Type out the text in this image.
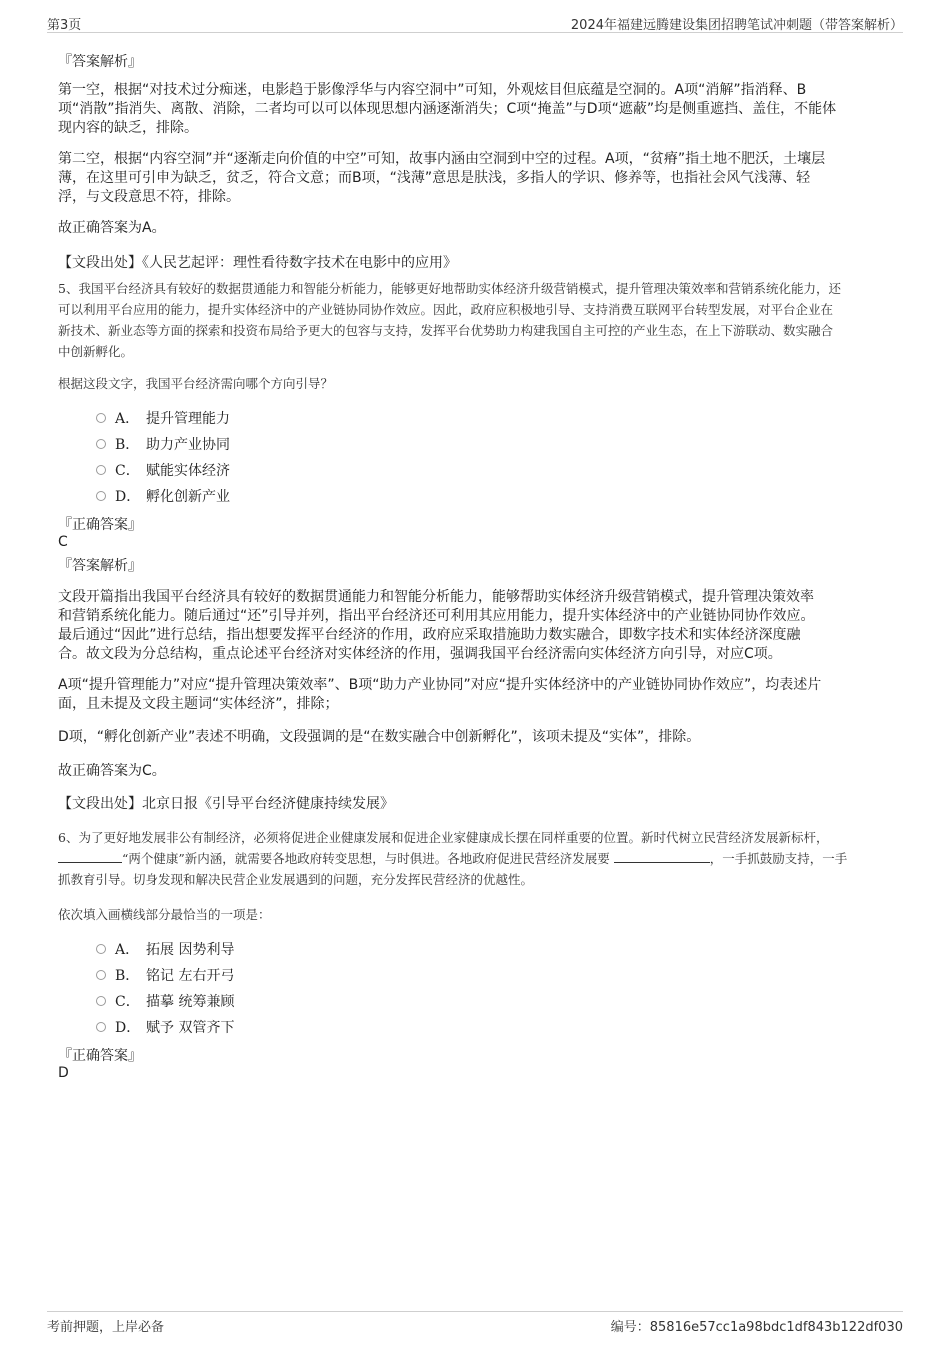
第3页	2024年福建远腾建设集团招聘笔试冲刺题（带答案解析）
『答案解析』
第一空，根据“对技术过分痴迷，电影趋于影像浮华与内容空洞中”可知，外观炫目但底蕴是空洞的。A项“消解”指消释、B
项“消散”指消失、离散、消除，二者均可以可以体现思想内涵逐渐消失；C项“掩盖”与D项“遮蔽”均是侧重遮挡、盖住，不能体
现内容的缺乏，排除。
第二空，根据“内容空洞”并“逐渐走向价值的中空”可知，故事内涵由空洞到中空的过程。A项，“贫瘠”指土地不肥沃，土壤层
薄，在这里可引申为缺乏，贫乏，符合文意；而B项，“浅薄”意思是肤浅，多指人的学识、修养等，也指社会风气浅薄、轻
浮，与文段意思不符，排除。
故正确答案为A。
【文段出处】《人民艺起评：理性看待数字技术在电影中的应用》
5、我国平台经济具有较好的数据贯通能力和智能分析能力，能够更好地帮助实体经济升级营销模式，提升管理决策效率和营销系统化能力，还
可以利用平台应用的能力，提升实体经济中的产业链协同协作效应。因此，政府应积极地引导、支持消费互联网平台转型发展，对平台企业在
新技术、新业态等方面的探索和投资布局给予更大的包容与支持，发挥平台优势助力构建我国自主可控的产业生态，在上下游联动、数实融合
中创新孵化。
根据这段文字，我国平台经济需向哪个方向引导？
A． 提升管理能力
B． 助力产业协同
C． 赋能实体经济
D． 孵化创新产业
『正确答案』
C
『答案解析』
文段开篇指出我国平台经济具有较好的数据贯通能力和智能分析能力，能够帮助实体经济升级营销模式，提升管理决策效率
和营销系统化能力。随后通过“还”引导并列，指出平台经济还可利用其应用能力，提升实体经济中的产业链协同协作效应。
最后通过“因此”进行总结，指出想要发挥平台经济的作用，政府应采取措施助力数实融合，即数字技术和实体经济深度融
合。故文段为分总结构，重点论述平台经济对实体经济的作用，强调我国平台经济需向实体经济方向引导，对应C项。
A项“提升管理能力”对应“提升管理决策效率”、B项“助力产业协同”对应“提升实体经济中的产业链协同协作效应”，均表述片
面，且未提及文段主题词“实体经济”，排除；
D项，“孵化创新产业”表述不明确，文段强调的是“在数实融合中创新孵化”，该项未提及“实体”，排除。
故正确答案为C。
【文段出处】北京日报《引导平台经济健康持续发展》
6、为了更好地发展非公有制经济，必须将促进企业健康发展和促进企业家健康成长摆在同样重要的位置。新时代树立民营经济发展新标杆，
“两个健康”新内涵，就需要各地政府转变思想，与时俱进。各地政府促进民营经济发展要	，一手抓鼓励支持，一手
抓教育引导。切身发现和解决民营企业发展遇到的问题，充分发挥民营经济的优越性。
依次填入画横线部分最恰当的一项是：
A． 拓展 因势利导
B． 铭记 左右开弓
C． 描摹 统筹兼顾
D． 赋予 双管齐下
『正确答案』
D
考前押题，上岸必备	编号：85816e57cc1a98bdc1df843b122df030
